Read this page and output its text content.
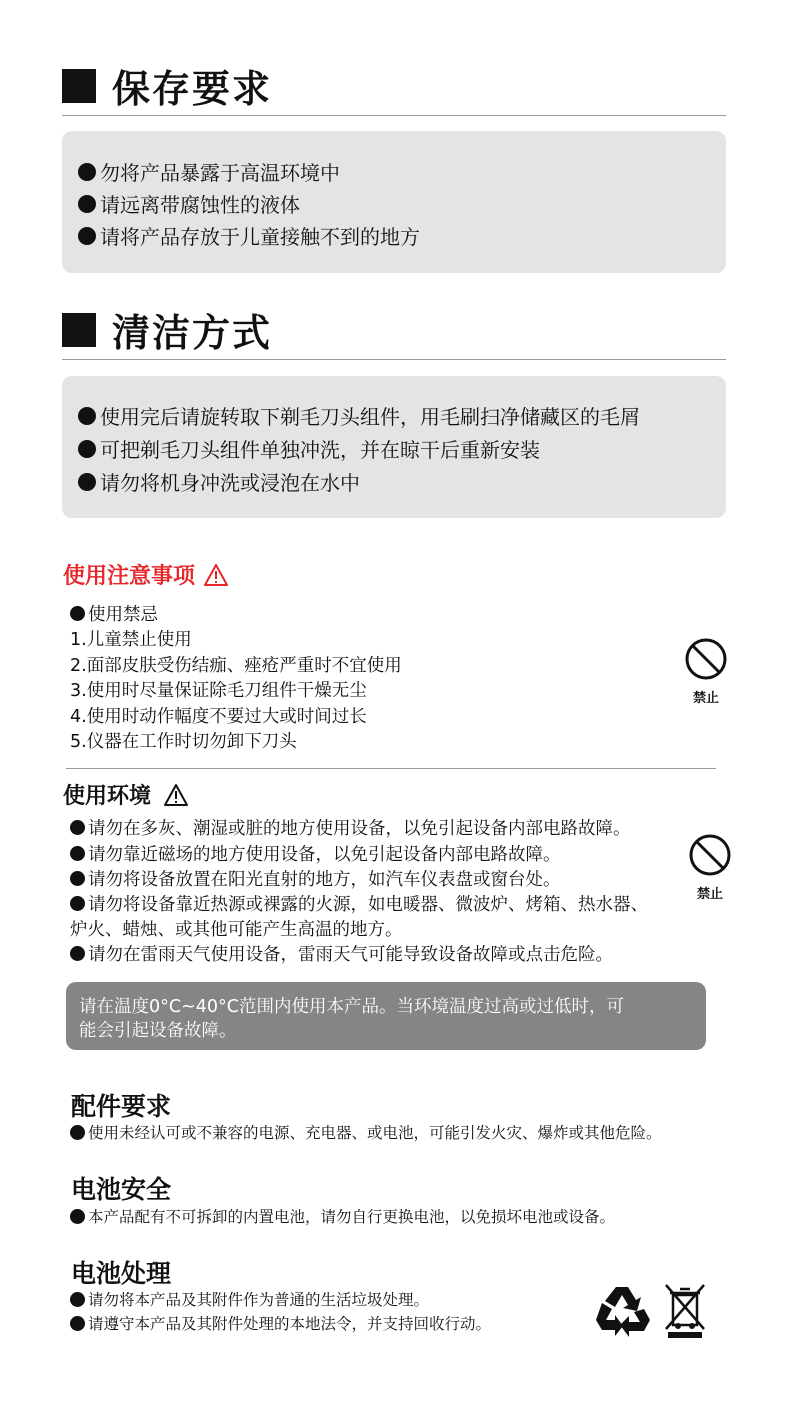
保存要求
勿将产品暴露于高温环境中
请远离带腐蚀性的液体
请将产品存放于儿童接触不到的地方
清洁方式
使用完后请旋转取下剃毛刀头组件，用毛刷扫净储藏区的毛屑
可把剃毛刀头组件单独冲洗，并在晾干后重新安装
请勿将机身冲洗或浸泡在水中
使用注意事项
使用禁忌
1.儿童禁止使用
2.面部皮肤受伤结痂、痤疮严重时不宜使用
3.使用时尽量保证除毛刀组件干燥无尘
4.使用时动作幅度不要过大或时间过长
5.仪器在工作时切勿卸下刀头
禁止
使用环境
请勿在多灰、潮湿或脏的地方使用设备，以免引起设备内部电路故障。
请勿靠近磁场的地方使用设备，以免引起设备内部电路故障。
请勿将设备放置在阳光直射的地方，如汽车仪表盘或窗台处。
请勿将设备靠近热源或裸露的火源，如电暖器、微波炉、烤箱、热水器、
炉火、蜡烛、或其他可能产生高温的地方。
请勿在雷雨天气使用设备，雷雨天气可能导致设备故障或点击危险。
禁止
请在温度0°C~40°C范围内使用本产品。当环境温度过高或过低时，可
能会引起设备故障。
配件要求
使用未经认可或不兼容的电源、充电器、或电池，可能引发火灾、爆炸或其他危险。
电池安全
本产品配有不可拆卸的内置电池，请勿自行更换电池，以免损坏电池或设备。
电池处理
请勿将本产品及其附件作为普通的生活垃圾处理。
请遵守本产品及其附件处理的本地法令，并支持回收行动。
